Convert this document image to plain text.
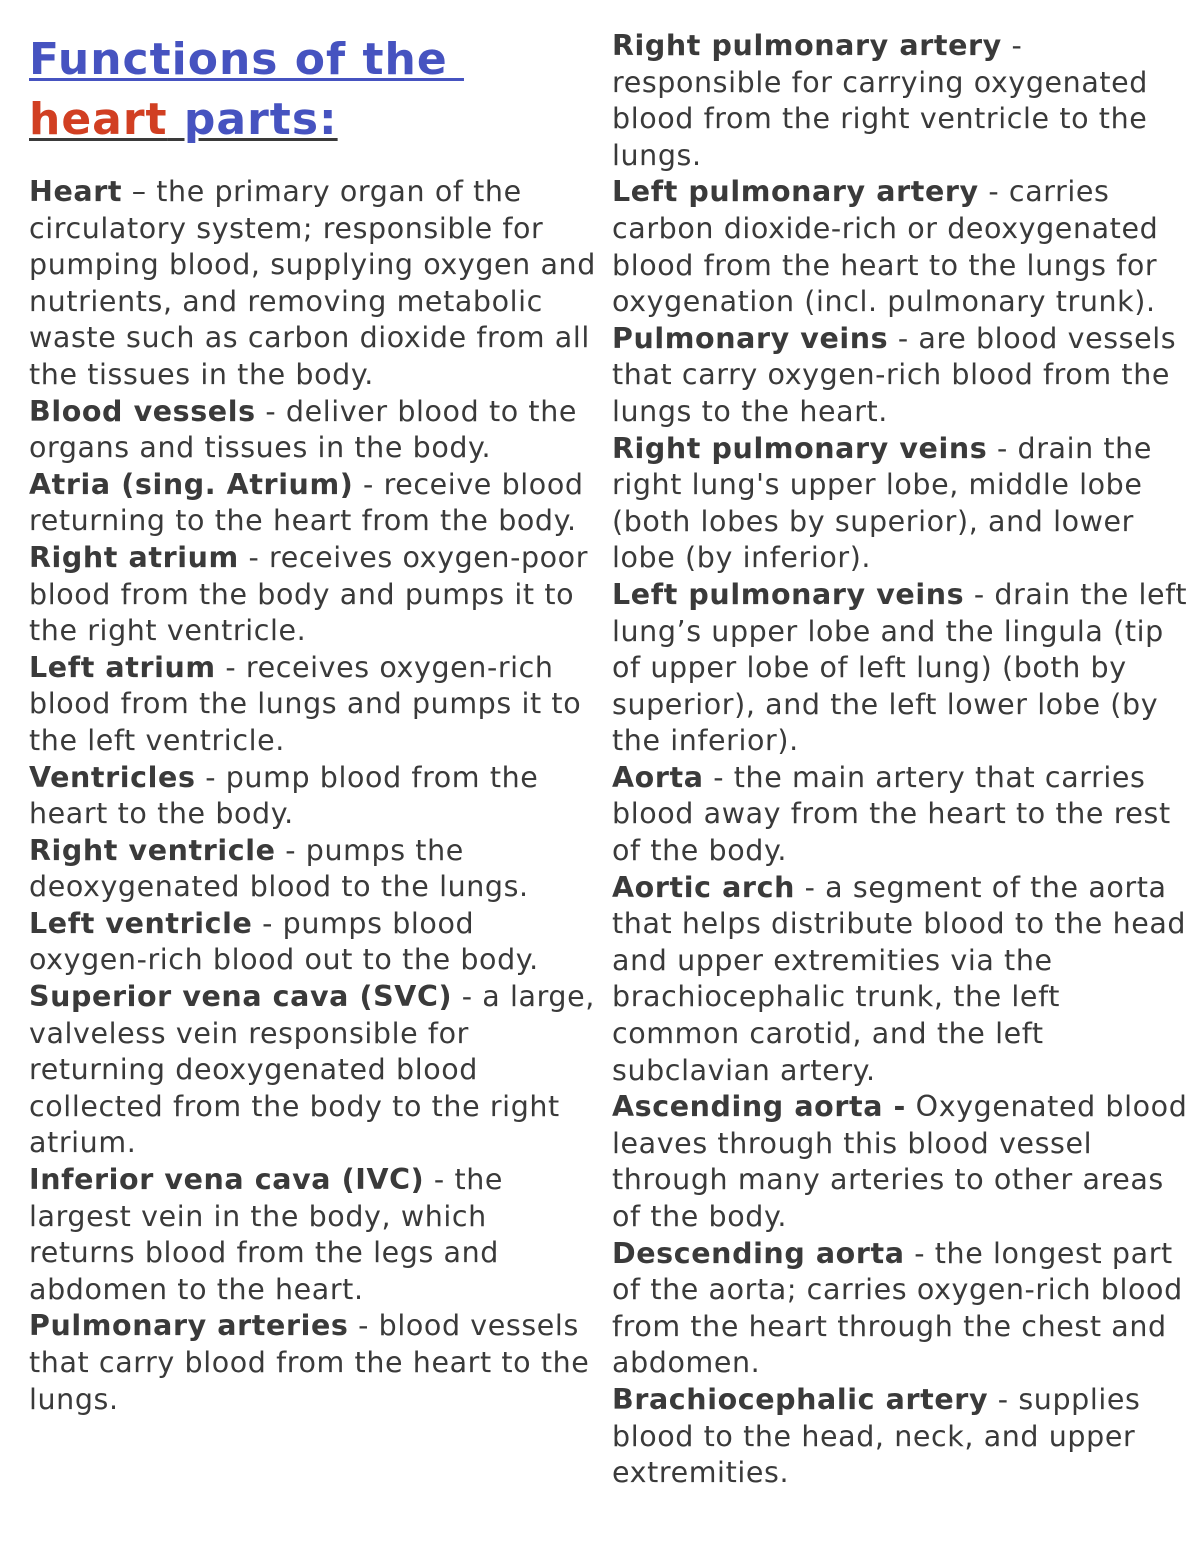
Functions of the
heart parts:

Heart – the primary organ of the circulatory system; responsible for pumping blood, supplying oxygen and nutrients, and removing metabolic waste such as carbon dioxide from all the tissues in the body.

Blood vessels - deliver blood to the organs and tissues in the body.

Atria (sing. Atrium) - receive blood returning to the heart from the body.

Right atrium - receives oxygen-poor blood from the body and pumps it to the right ventricle.

Left atrium - receives oxygen-rich blood from the lungs and pumps it to the left ventricle.

Ventricles - pump blood from the heart to the body.

Right ventricle - pumps the deoxygenated blood to the lungs.

Left ventricle - pumps blood oxygen-rich blood out to the body.

Superior vena cava (SVC) - a large, valveless vein responsible for returning deoxygenated blood collected from the body to the right atrium.

Inferior vena cava (IVC) - the largest vein in the body, which returns blood from the legs and abdomen to the heart.

Pulmonary arteries - blood vessels that carry blood from the heart to the lungs.

Right pulmonary artery - responsible for carrying oxygenated blood from the right ventricle to the lungs.

Left pulmonary artery - carries carbon dioxide-rich or deoxygenated blood from the heart to the lungs for oxygenation (incl. pulmonary trunk).

Pulmonary veins - are blood vessels that carry oxygen-rich blood from the lungs to the heart.

Right pulmonary veins - drain the right lung's upper lobe, middle lobe (both lobes by superior), and lower lobe (by inferior).

Left pulmonary veins - drain the left lung’s upper lobe and the lingula (tip of upper lobe of left lung) (both by superior), and the left lower lobe (by the inferior).

Aorta - the main artery that carries blood away from the heart to the rest of the body.

Aortic arch - a segment of the aorta that helps distribute blood to the head and upper extremities via the brachiocephalic trunk, the left common carotid, and the left subclavian artery.

Ascending aorta - Oxygenated blood leaves through this blood vessel through many arteries to other areas of the body.

Descending aorta - the longest part of the aorta; carries oxygen-rich blood from the heart through the chest and abdomen.

Brachiocephalic artery - supplies blood to the head, neck, and upper extremities.
